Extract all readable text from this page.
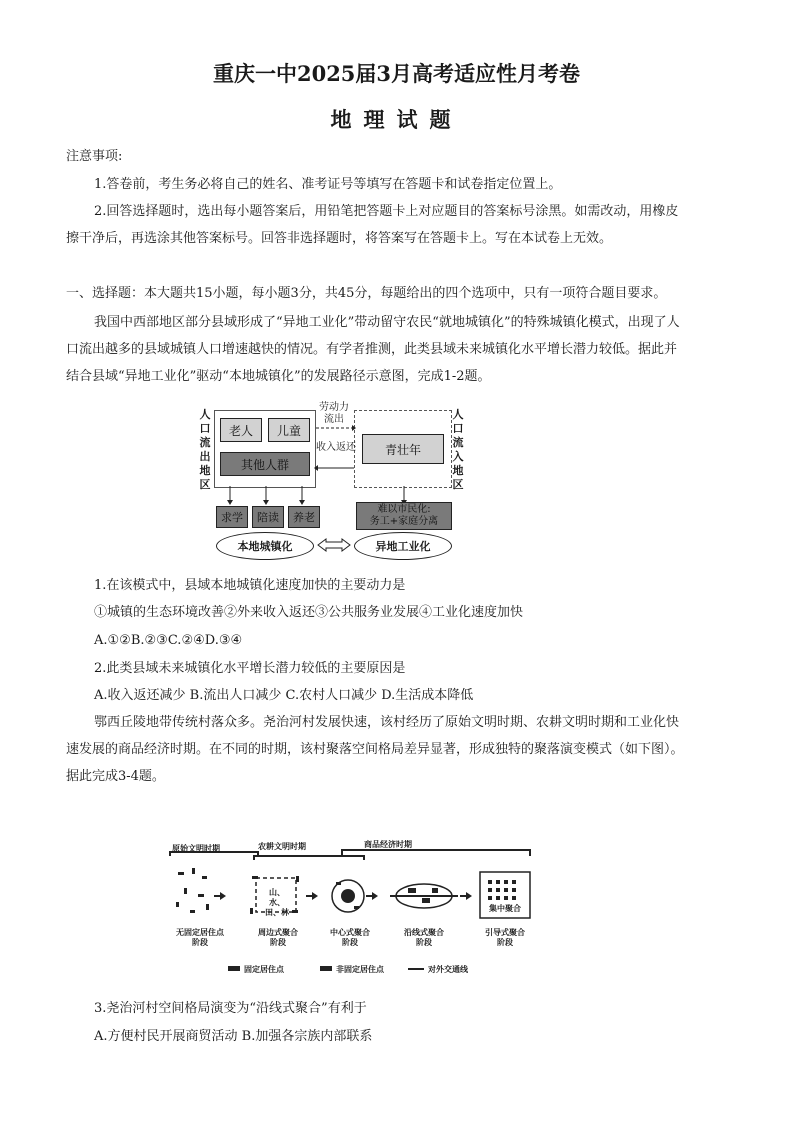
重庆一中2025届3月高考适应性月考卷
地理试题
注意事项:
1.答卷前，考生务必将自己的姓名、准考证号等填写在答题卡和试卷指定位置上。
2.回答选择题时，选出每小题答案后，用铅笔把答题卡上对应题目的答案标号涂黑。如需改动，用橡皮
擦干净后，再选涂其他答案标号。回答非选择题时，将答案写在答题卡上。写在本试卷上无效。
一、选择题：本大题共15小题，每小题3分，共45分，每题给出的四个选项中，只有一项符合题目要求。
我国中西部地区部分县域形成了“异地工业化”带动留守农民“就地城镇化”的特殊城镇化模式，出现了人
口流出越多的县域城镇人口增速越快的情况。有学者推测，此类县域未来城镇化水平增长潜力较低。据此并
结合县域“异地工业化”驱动“本地城镇化”的发展路径示意图，完成1-2题。
人口流出地区
人口流入地区
老人	儿童
其他人群
劳动力流出
收入返还	青壮年
求学	陪读	养老
难以市民化:
务工+家庭分离
本地城镇化	异地工业化
1.在该模式中，县域本地城镇化速度加快的主要动力是
①城镇的生态环境改善②外来收入返还③公共服务业发展④工业化速度加快
A.①②B.②③C.②④D.③④
2.此类县域未来城镇化水平增长潜力较低的主要原因是
A.收入返还减少 B.流出人口减少 C.农村人口减少 D.生活成本降低
鄂西丘陵地带传统村落众多。尧治河村发展快速，该村经历了原始文明时期、农耕文明时期和工业化快
速发展的商品经济时期。在不同的时期，该村聚落空间格局差异显著，形成独特的聚落演变模式（如下图）。
据此完成3-4题。
原始文明时期	农耕文明时期	商品经济时期
山、水、田、林	集中聚合
无固定居住点
阶段
周边式聚合
阶段
中心式聚合
阶段
沿线式聚合
阶段
引导式聚合
阶段
固定居住点	非固定居住点	对外交通线
3.尧治河村空间格局演变为“沿线式聚合”有利于
A.方便村民开展商贸活动 B.加强各宗族内部联系
